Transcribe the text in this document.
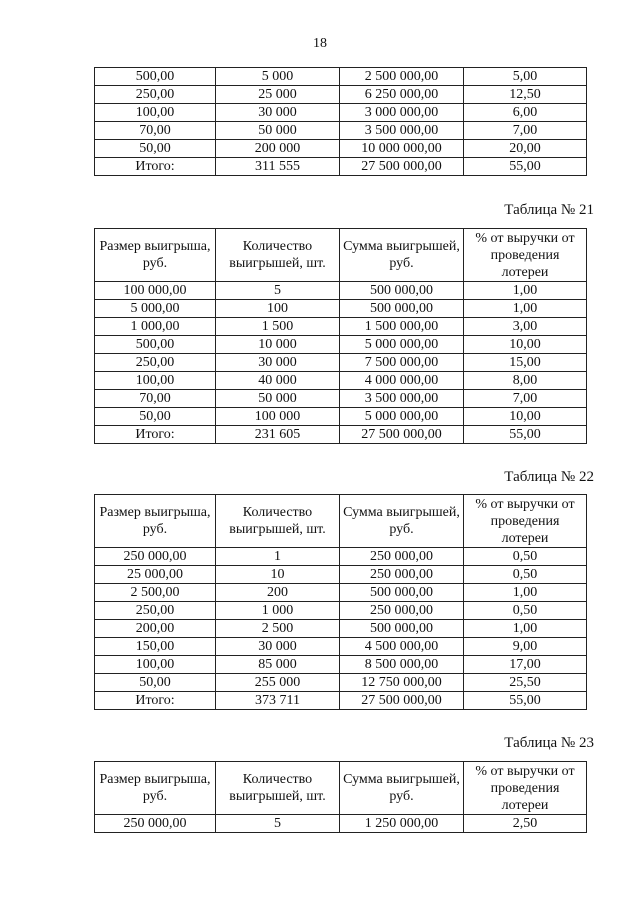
18
500,00	5 000	2 500 000,00	5,00
250,00	25 000	6 250 000,00	12,50
100,00	30 000	3 000 000,00	6,00
70,00	50 000	3 500 000,00	7,00
50,00	200 000	10 000 000,00	20,00
Итого:	311 555	27 500 000,00	55,00
Таблица № 21
Размер выигрыша, руб.	Количество выигрышей, шт.	Сумма выигрышей, руб.	% от выручки от проведения лотереи
100 000,00	5	500 000,00	1,00
5 000,00	100	500 000,00	1,00
1 000,00	1 500	1 500 000,00	3,00
500,00	10 000	5 000 000,00	10,00
250,00	30 000	7 500 000,00	15,00
100,00	40 000	4 000 000,00	8,00
70,00	50 000	3 500 000,00	7,00
50,00	100 000	5 000 000,00	10,00
Итого:	231 605	27 500 000,00	55,00
Таблица № 22
Размер выигрыша, руб.	Количество выигрышей, шт.	Сумма выигрышей, руб.	% от выручки от проведения лотереи
250 000,00	1	250 000,00	0,50
25 000,00	10	250 000,00	0,50
2 500,00	200	500 000,00	1,00
250,00	1 000	250 000,00	0,50
200,00	2 500	500 000,00	1,00
150,00	30 000	4 500 000,00	9,00
100,00	85 000	8 500 000,00	17,00
50,00	255 000	12 750 000,00	25,50
Итого:	373 711	27 500 000,00	55,00
Таблица № 23
Размер выигрыша, руб.	Количество выигрышей, шт.	Сумма выигрышей, руб.	% от выручки от проведения лотереи
250 000,00	5	1 250 000,00	2,50
